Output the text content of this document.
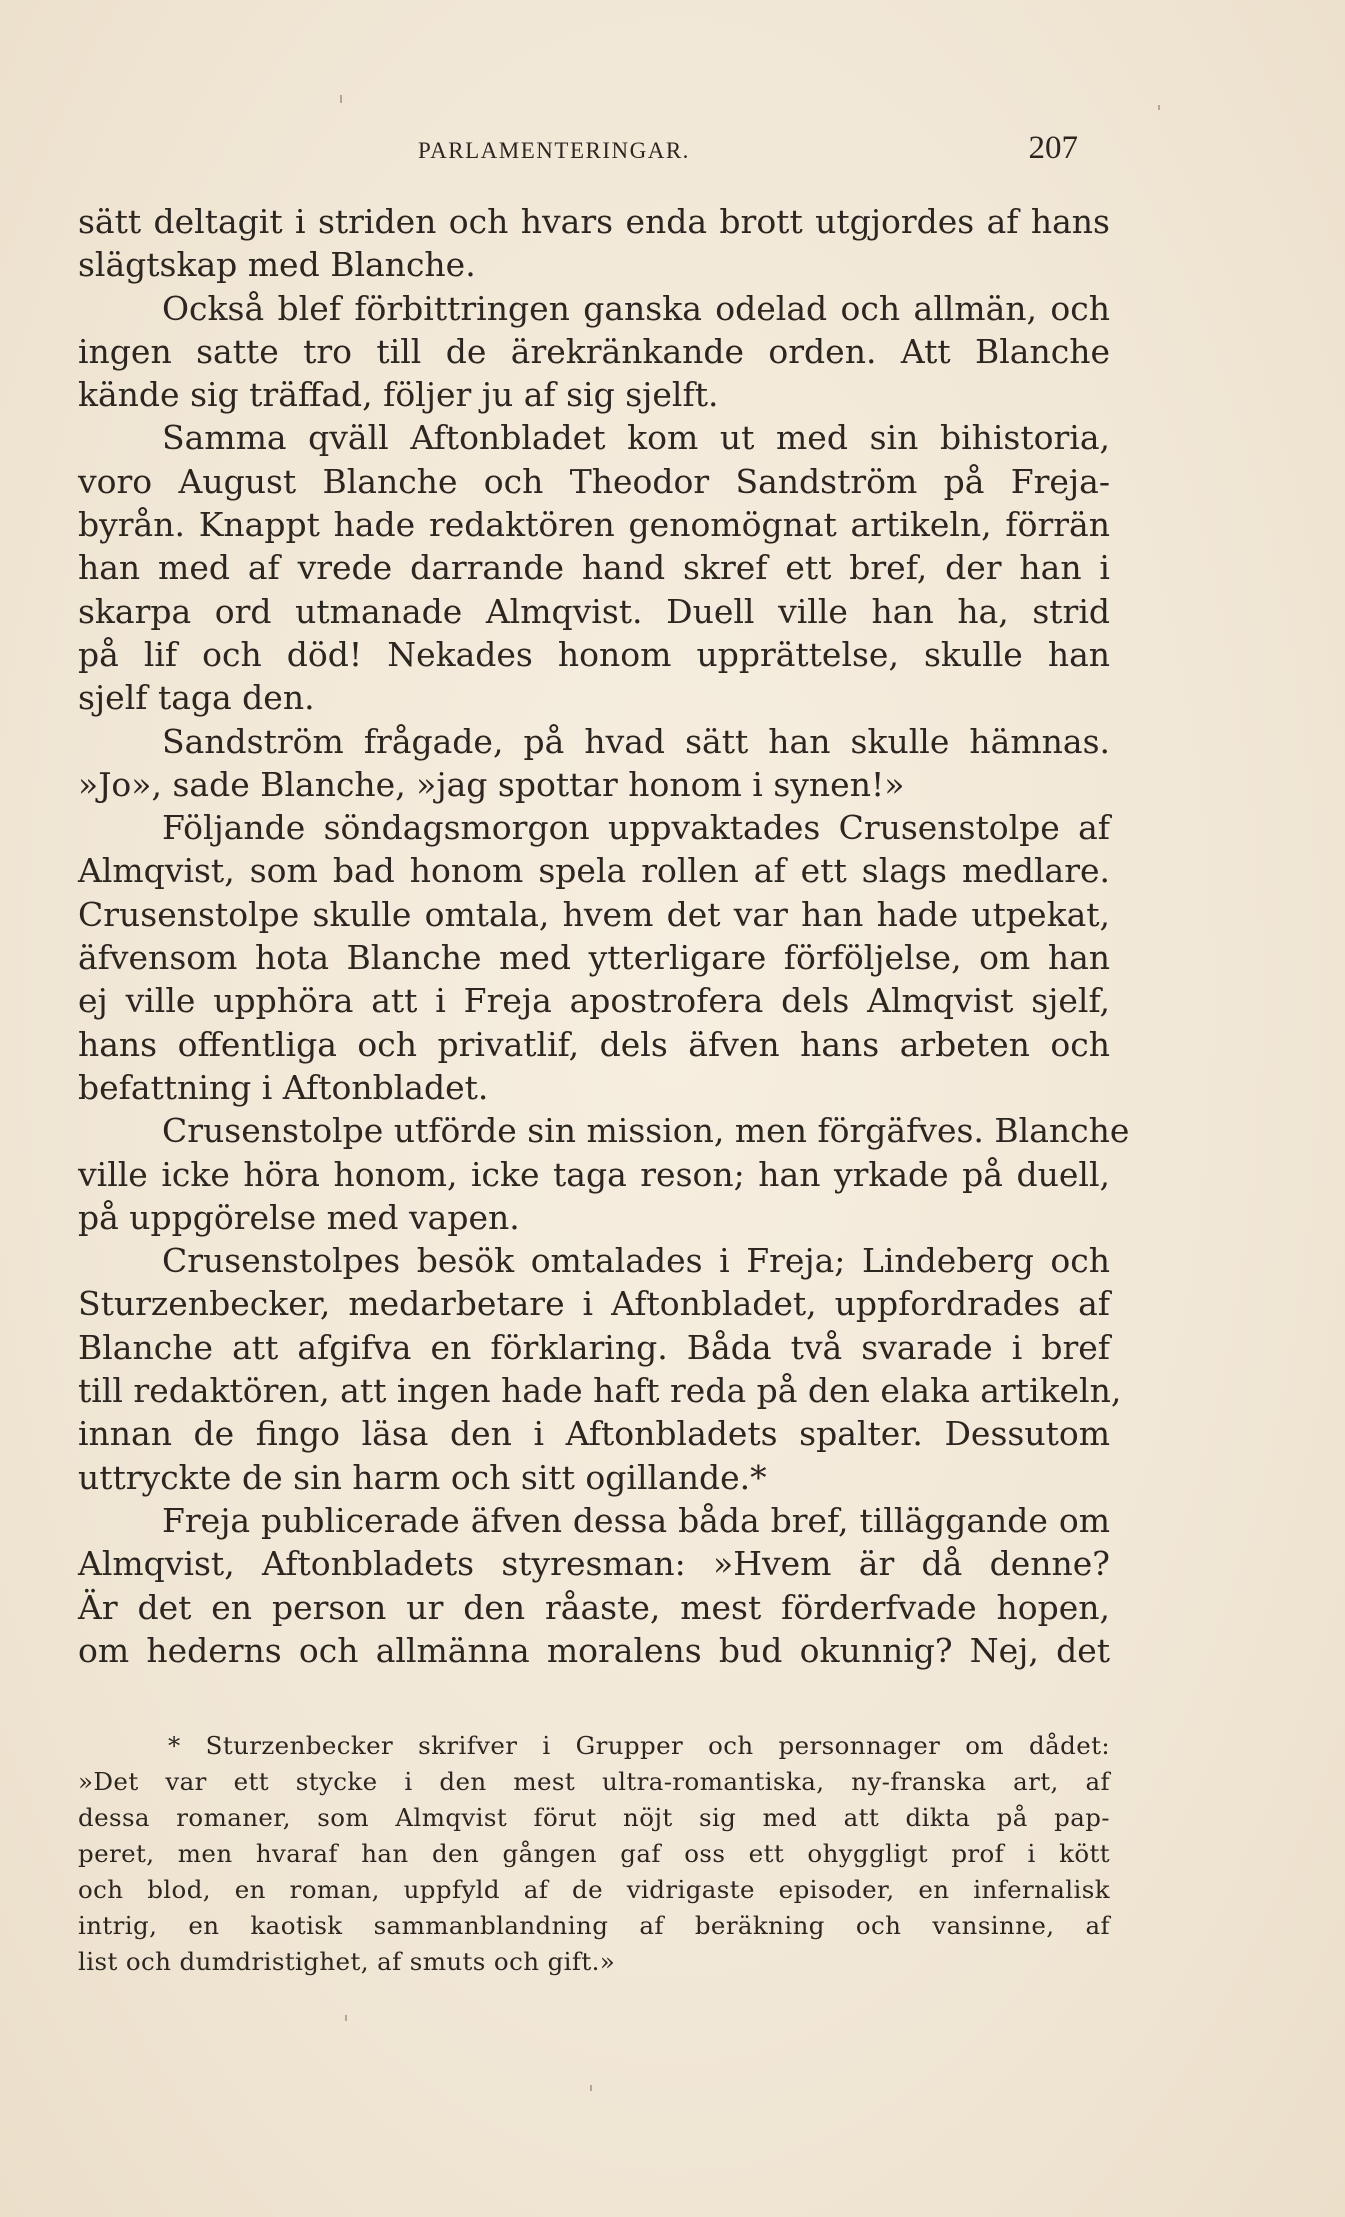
PARLAMENTERINGAR.	207
sätt deltagit i striden och hvars enda brott utgjordes af hans
slägtskap med Blanche.
Också blef förbittringen ganska odelad och allmän, och
ingen satte tro till de ärekränkande orden. Att Blanche
kände sig träffad, följer ju af sig sjelft.
Samma qväll Aftonbladet kom ut med sin bihistoria,
voro August Blanche och Theodor Sandström på Freja-
byrån. Knappt hade redaktören genomögnat artikeln, förrän
han med af vrede darrande hand skref ett bref, der han i
skarpa ord utmanade Almqvist. Duell ville han ha, strid
på lif och död! Nekades honom upprättelse, skulle han
sjelf taga den.
Sandström frågade, på hvad sätt han skulle hämnas.
»Jo», sade Blanche, »jag spottar honom i synen!»
Följande söndagsmorgon uppvaktades Crusenstolpe af
Almqvist, som bad honom spela rollen af ett slags medlare.
Crusenstolpe skulle omtala, hvem det var han hade utpekat,
äfvensom hota Blanche med ytterligare förföljelse, om han
ej ville upphöra att i Freja apostrofera dels Almqvist sjelf,
hans offentliga och privatlif, dels äfven hans arbeten och
befattning i Aftonbladet.
Crusenstolpe utförde sin mission, men förgäfves. Blanche
ville icke höra honom, icke taga reson; han yrkade på duell,
på uppgörelse med vapen.
Crusenstolpes besök omtalades i Freja; Lindeberg och
Sturzenbecker, medarbetare i Aftonbladet, uppfordrades af
Blanche att afgifva en förklaring. Båda två svarade i bref
till redaktören, att ingen hade haft reda på den elaka artikeln,
innan de fingo läsa den i Aftonbladets spalter. Dessutom
uttryckte de sin harm och sitt ogillande.*
Freja publicerade äfven dessa båda bref, tilläggande om
Almqvist, Aftonbladets styresman: »Hvem är då denne?
Är det en person ur den råaste, mest förderfvade hopen,
om hederns och allmänna moralens bud okunnig? Nej, det
* Sturzenbecker skrifver i Grupper och personnager om dådet:
»Det var ett stycke i den mest ultra-romantiska, ny-franska art, af
dessa romaner, som Almqvist förut nöjt sig med att dikta på pap-
peret, men hvaraf han den gången gaf oss ett ohyggligt prof i kött
och blod, en roman, uppfyld af de vidrigaste episoder, en infernalisk
intrig, en kaotisk sammanblandning af beräkning och vansinne, af
list och dumdristighet, af smuts och gift.»
